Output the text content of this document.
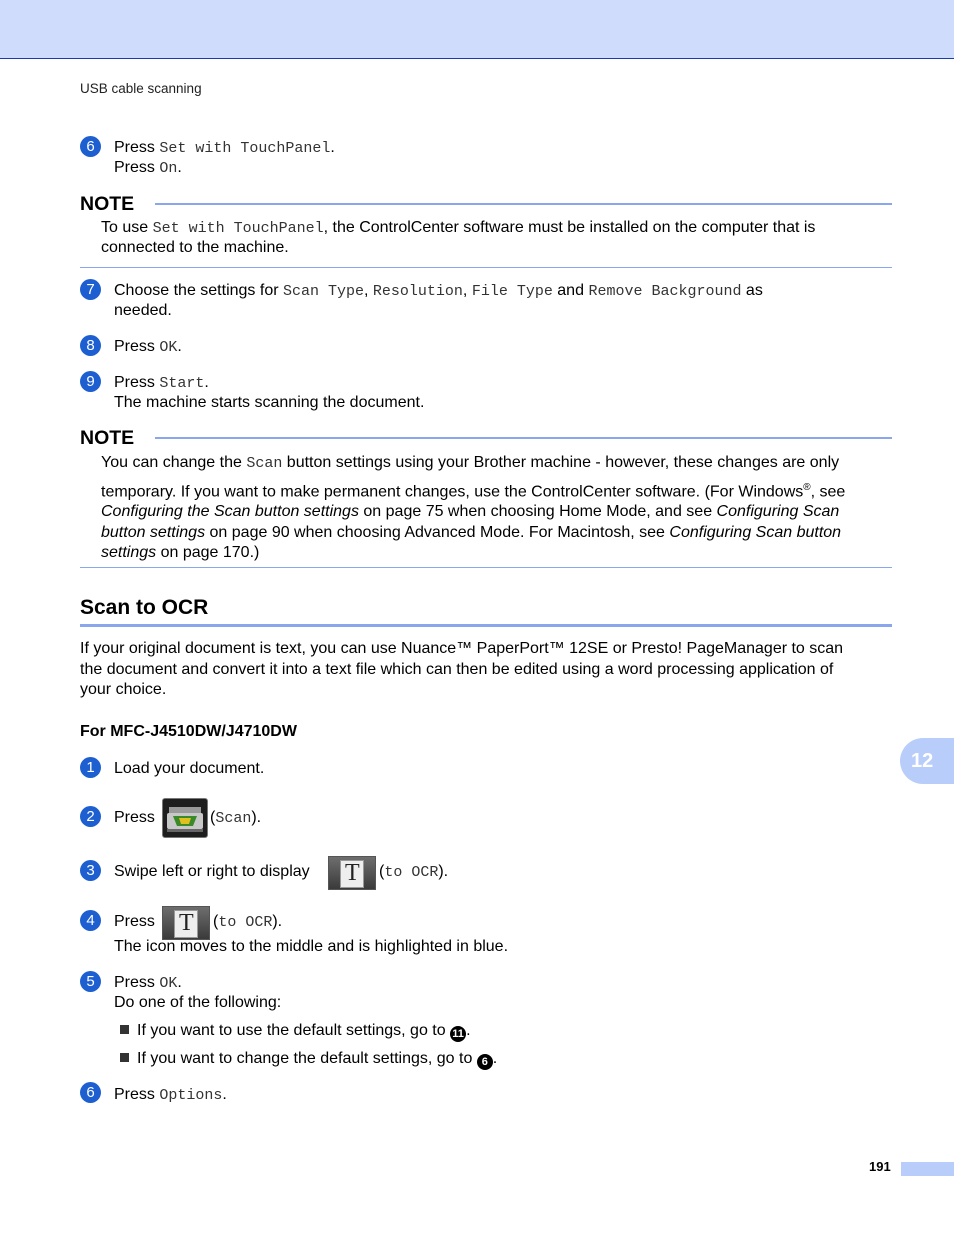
USB cable scanning
6	Press Set with TouchPanel.
Press On.
NOTE
To use Set with TouchPanel, the ControlCenter software must be installed on the computer that is
connected to the machine.
7	Choose the settings for Scan Type, Resolution, File Type and Remove Background as
needed.
8	Press OK.
9	Press Start.
The machine starts scanning the document.
NOTE
You can change the Scan button settings using your Brother machine - however, these changes are only
temporary. If you want to make permanent changes, use the ControlCenter software. (For Windows®, see
Configuring the Scan button settings on page 75 when choosing Home Mode, and see Configuring Scan
button settings on page 90 when choosing Advanced Mode. For Macintosh, see Configuring Scan button
settings on page 170.)
Scan to OCR
If your original document is text, you can use Nuance™ PaperPort™ 12SE or Presto! PageManager to scan
the document and convert it into a text file which can then be edited using a word processing application of
your choice.
For MFC-J4510DW/J4710DW
1	Load your document.
2	Press	(Scan).
3	Swipe left or right to display T (to OCR).
4	Press T (to OCR).
The icon moves to the middle and is highlighted in blue.
5	Press OK.
Do one of the following:
If you want to use the default settings, go to 11 .
If you want to change the default settings, go to 6 .
6	Press Options.
12
191
